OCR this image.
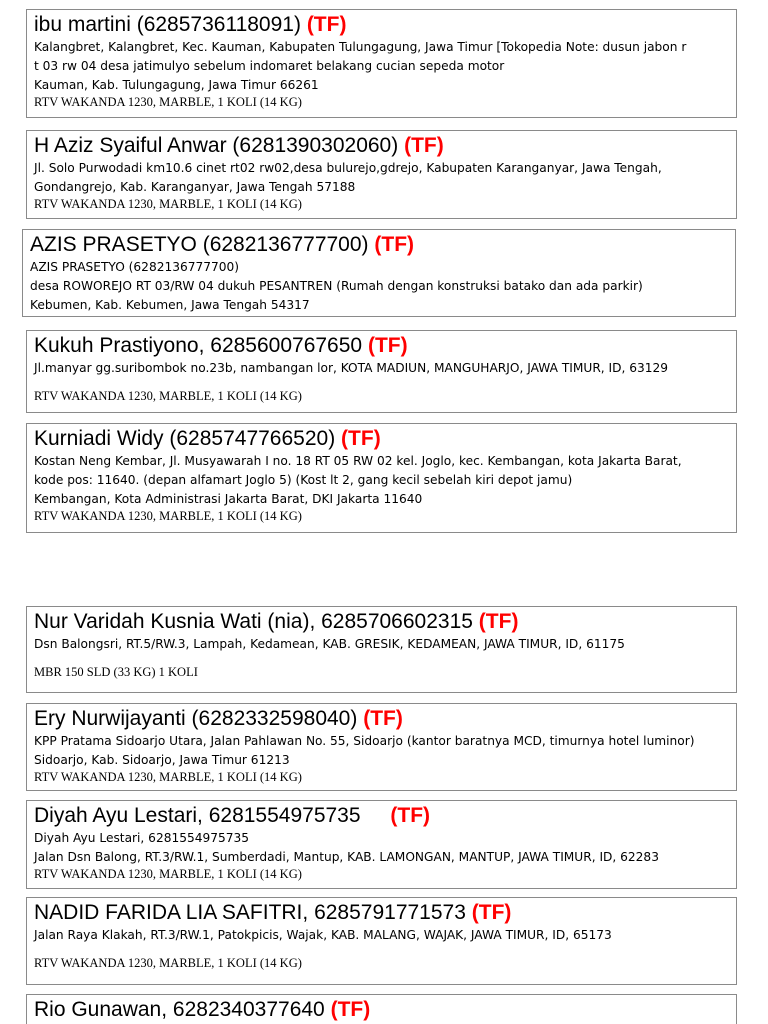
ibu martini (6285736118091) (TF)
Kalangbret, Kalangbret, Kec. Kauman, Kabupaten Tulungagung, Jawa Timur [Tokopedia Note: dusun jabon r
t 03 rw 04 desa jatimulyo sebelum indomaret belakang cucian sepeda motor
Kauman, Kab. Tulungagung, Jawa Timur 66261
RTV WAKANDA 1230, MARBLE, 1 KOLI (14 KG)
H Aziz Syaiful Anwar (6281390302060) (TF)
Jl. Solo Purwodadi km10.6 cinet rt02 rw02,desa bulurejo,gdrejo, Kabupaten Karanganyar, Jawa Tengah,
Gondangrejo, Kab. Karanganyar, Jawa Tengah 57188
RTV WAKANDA 1230, MARBLE, 1 KOLI (14 KG)
AZIS PRASETYO (6282136777700) (TF)
AZIS PRASETYO (6282136777700)
desa ROWOREJO RT 03/RW 04 dukuh PESANTREN (Rumah dengan konstruksi batako dan ada parkir)
Kebumen, Kab. Kebumen, Jawa Tengah 54317
Kukuh Prastiyono, 6285600767650 (TF)
Jl.manyar gg.suribombok no.23b, nambangan lor, KOTA MADIUN, MANGUHARJO, JAWA TIMUR, ID, 63129
RTV WAKANDA 1230, MARBLE, 1 KOLI (14 KG)
Kurniadi Widy (6285747766520) (TF)
Kostan Neng Kembar, Jl. Musyawarah I no. 18 RT 05 RW 02 kel. Joglo, kec. Kembangan, kota Jakarta Barat,
kode pos: 11640. (depan alfamart Joglo 5) (Kost lt 2, gang kecil sebelah kiri depot jamu)
Kembangan, Kota Administrasi Jakarta Barat, DKI Jakarta 11640
RTV WAKANDA 1230, MARBLE, 1 KOLI (14 KG)
Nur Varidah Kusnia Wati (nia), 6285706602315 (TF)
Dsn Balongsri, RT.5/RW.3, Lampah, Kedamean, KAB. GRESIK, KEDAMEAN, JAWA TIMUR, ID, 61175
MBR 150 SLD (33 KG) 1 KOLI
Ery Nurwijayanti (6282332598040) (TF)
KPP Pratama Sidoarjo Utara, Jalan Pahlawan No. 55, Sidoarjo (kantor baratnya MCD, timurnya hotel luminor)
Sidoarjo, Kab. Sidoarjo, Jawa Timur 61213
RTV WAKANDA 1230, MARBLE, 1 KOLI (14 KG)
Diyah Ayu Lestari, 6281554975735 (TF)
Diyah Ayu Lestari, 6281554975735
Jalan Dsn Balong, RT.3/RW.1, Sumberdadi, Mantup, KAB. LAMONGAN, MANTUP, JAWA TIMUR, ID, 62283
RTV WAKANDA 1230, MARBLE, 1 KOLI (14 KG)
NADID FARIDA LIA SAFITRI, 6285791771573 (TF)
Jalan Raya Klakah, RT.3/RW.1, Patokpicis, Wajak, KAB. MALANG, WAJAK, JAWA TIMUR, ID, 65173
RTV WAKANDA 1230, MARBLE, 1 KOLI (14 KG)
Rio Gunawan, 6282340377640 (TF)
